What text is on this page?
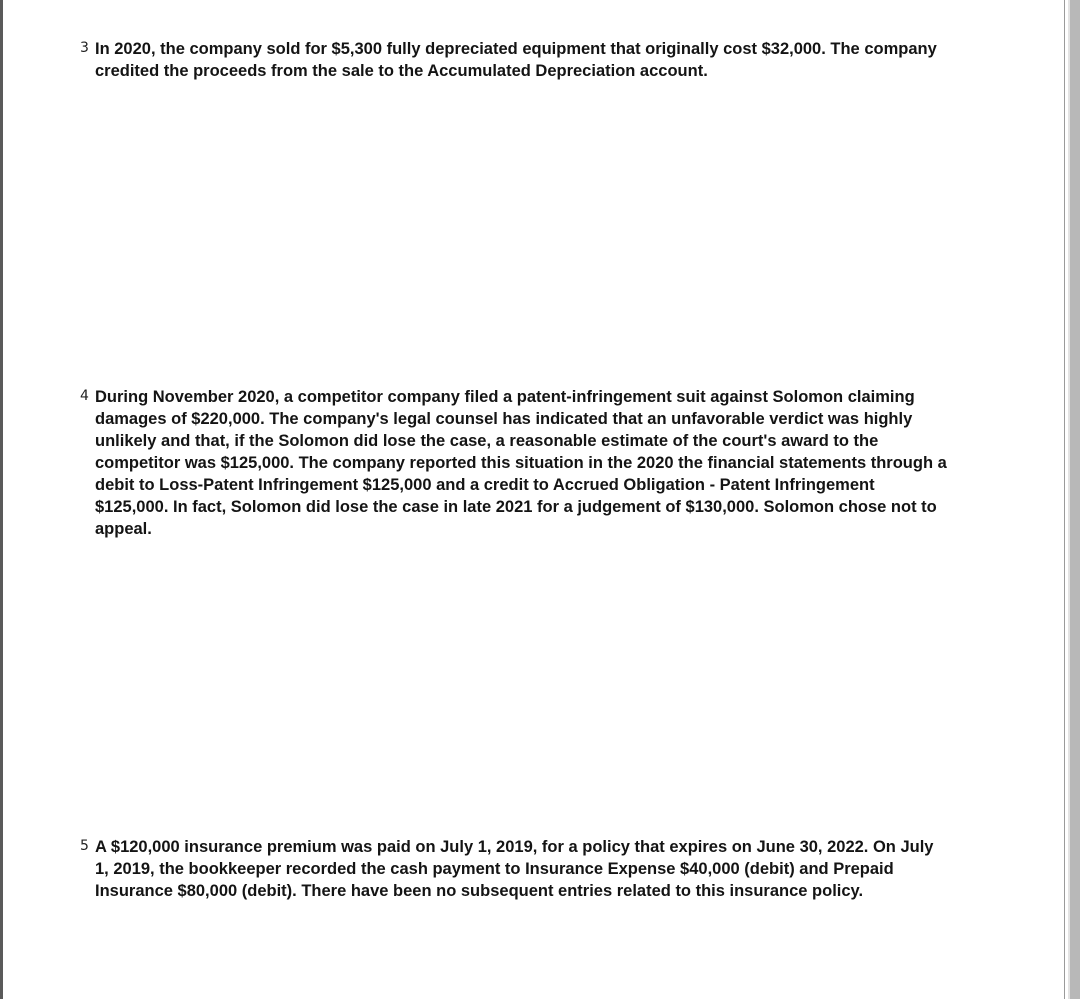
3 In 2020, the company sold for $5,300 fully depreciated equipment that originally cost $32,000. The company credited the proceeds from the sale to the Accumulated Depreciation account.
4 During November 2020, a competitor company filed a patent-infringement suit against Solomon claiming damages of $220,000. The company's legal counsel has indicated that an unfavorable verdict was highly unlikely and that, if the Solomon did lose the case, a reasonable estimate of the court's award to the competitor was $125,000. The company reported this situation in the 2020 the financial statements through a debit to Loss-Patent Infringement $125,000 and a credit to Accrued Obligation - Patent Infringement $125,000. In fact, Solomon did lose the case in late 2021 for a judgement of $130,000. Solomon chose not to appeal.
5 A $120,000 insurance premium was paid on July 1, 2019, for a policy that expires on June 30, 2022. On July 1, 2019, the bookkeeper recorded the cash payment to Insurance Expense $40,000 (debit) and Prepaid Insurance $80,000 (debit). There have been no subsequent entries related to this insurance policy.
